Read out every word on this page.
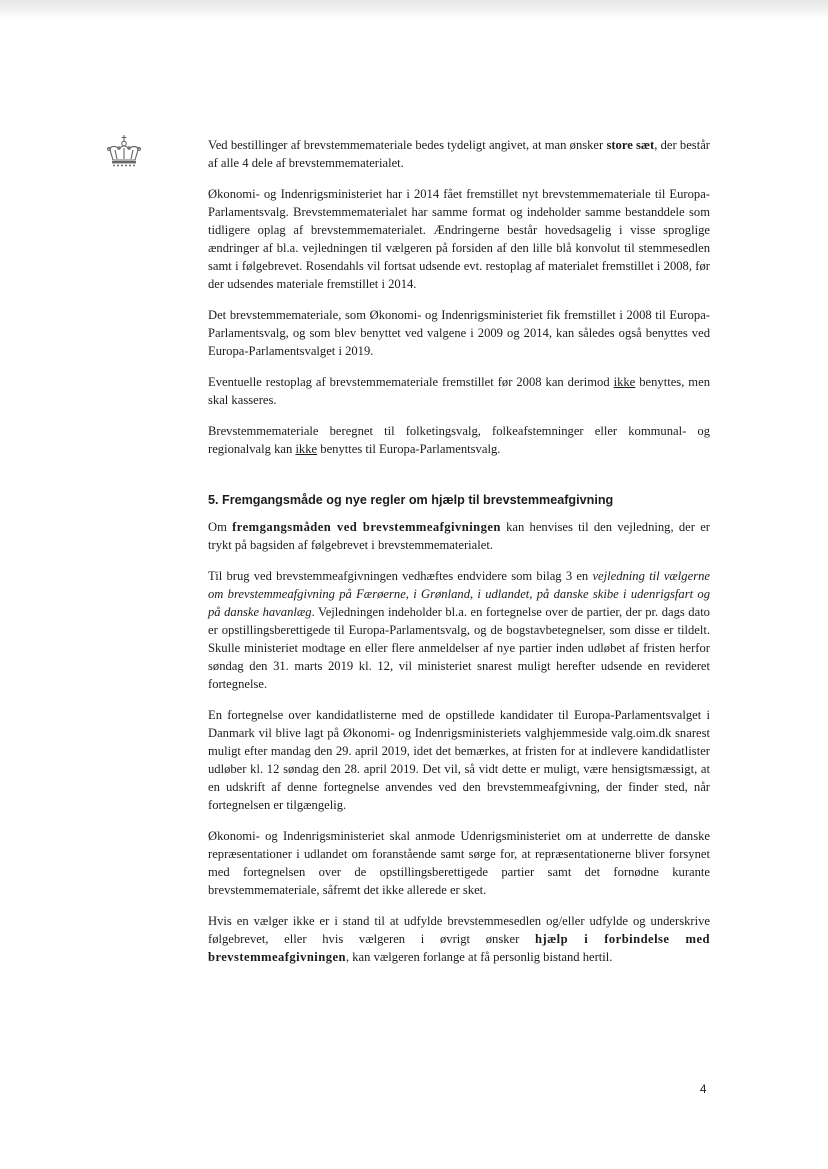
Ved bestillinger af brevstemmemateriale bedes tydeligt angivet, at man ønsker store sæt, der består af alle 4 dele af brevstemmematerialet.

Økonomi- og Indenrigsministeriet har i 2014 fået fremstillet nyt brevstemmemateriale til Europa-Parlamentsvalg. Brevstemmematerialet har samme format og indeholder samme bestanddele som tidligere oplag af brevstemmematerialet. Ændringerne består hovedsagelig i visse sproglige ændringer af bl.a. vejledningen til vælgeren på forsiden af den lille blå konvolut til stemmesedlen samt i følgebrevet. Rosendahls vil fortsat udsende evt. restoplag af materialet fremstillet i 2008, før der udsendes materiale fremstillet i 2014.

Det brevstemmemateriale, som Økonomi- og Indenrigsministeriet fik fremstillet i 2008 til Europa-Parlamentsvalg, og som blev benyttet ved valgene i 2009 og 2014, kan således også benyttes ved Europa-Parlamentsvalget i 2019.

Eventuelle restoplag af brevstemmemateriale fremstillet før 2008 kan derimod ikke benyttes, men skal kasseres.

Brevstemmemateriale beregnet til folketingsvalg, folkeafstemninger eller kommunal- og regionalvalg kan ikke benyttes til Europa-Parlamentsvalg.

5. Fremgangsmåde og nye regler om hjælp til brevstemmeafgivning

Om fremgangsmåden ved brevstemmeafgivningen kan henvises til den vejledning, der er trykt på bagsiden af følgebrevet i brevstemmematerialet.

Til brug ved brevstemmeafgivningen vedhæftes endvidere som bilag 3 en vejledning til vælgerne om brevstemmeafgivning på Færøerne, i Grønland, i udlandet, på danske skibe i udenrigsfart og på danske havanlæg. Vejledningen indeholder bl.a. en fortegnelse over de partier, der pr. dags dato er opstillingsberettigede til Europa-Parlamentsvalg, og de bogstavbetegnelser, som disse er tildelt. Skulle ministeriet modtage en eller flere anmeldelser af nye partier inden udløbet af fristen herfor søndag den 31. marts 2019 kl. 12, vil ministeriet snarest muligt herefter udsende en revideret fortegnelse.

En fortegnelse over kandidatlisterne med de opstillede kandidater til Europa-Parlamentsvalget i Danmark vil blive lagt på Økonomi- og Indenrigsministeriets valghjemmeside valg.oim.dk snarest muligt efter mandag den 29. april 2019, idet det bemærkes, at fristen for at indlevere kandidatlister udløber kl. 12 søndag den 28. april 2019. Det vil, så vidt dette er muligt, være hensigtsmæssigt, at en udskrift af denne fortegnelse anvendes ved den brevstemmeafgivning, der finder sted, når fortegnelsen er tilgængelig.

Økonomi- og Indenrigsministeriet skal anmode Udenrigsministeriet om at underrette de danske repræsentationer i udlandet om foranstående samt sørge for, at repræsentationerne bliver forsynet med fortegnelsen over de opstillingsberettigede partier samt det fornødne kurante brevstemmemateriale, såfremt det ikke allerede er sket.

Hvis en vælger ikke er i stand til at udfylde brevstemmesedlen og/eller udfylde og underskrive følgebrevet, eller hvis vælgeren i øvrigt ønsker hjælp i forbindelse med brevstemmeafgivningen, kan vælgeren forlange at få personlig bistand hertil.

4
